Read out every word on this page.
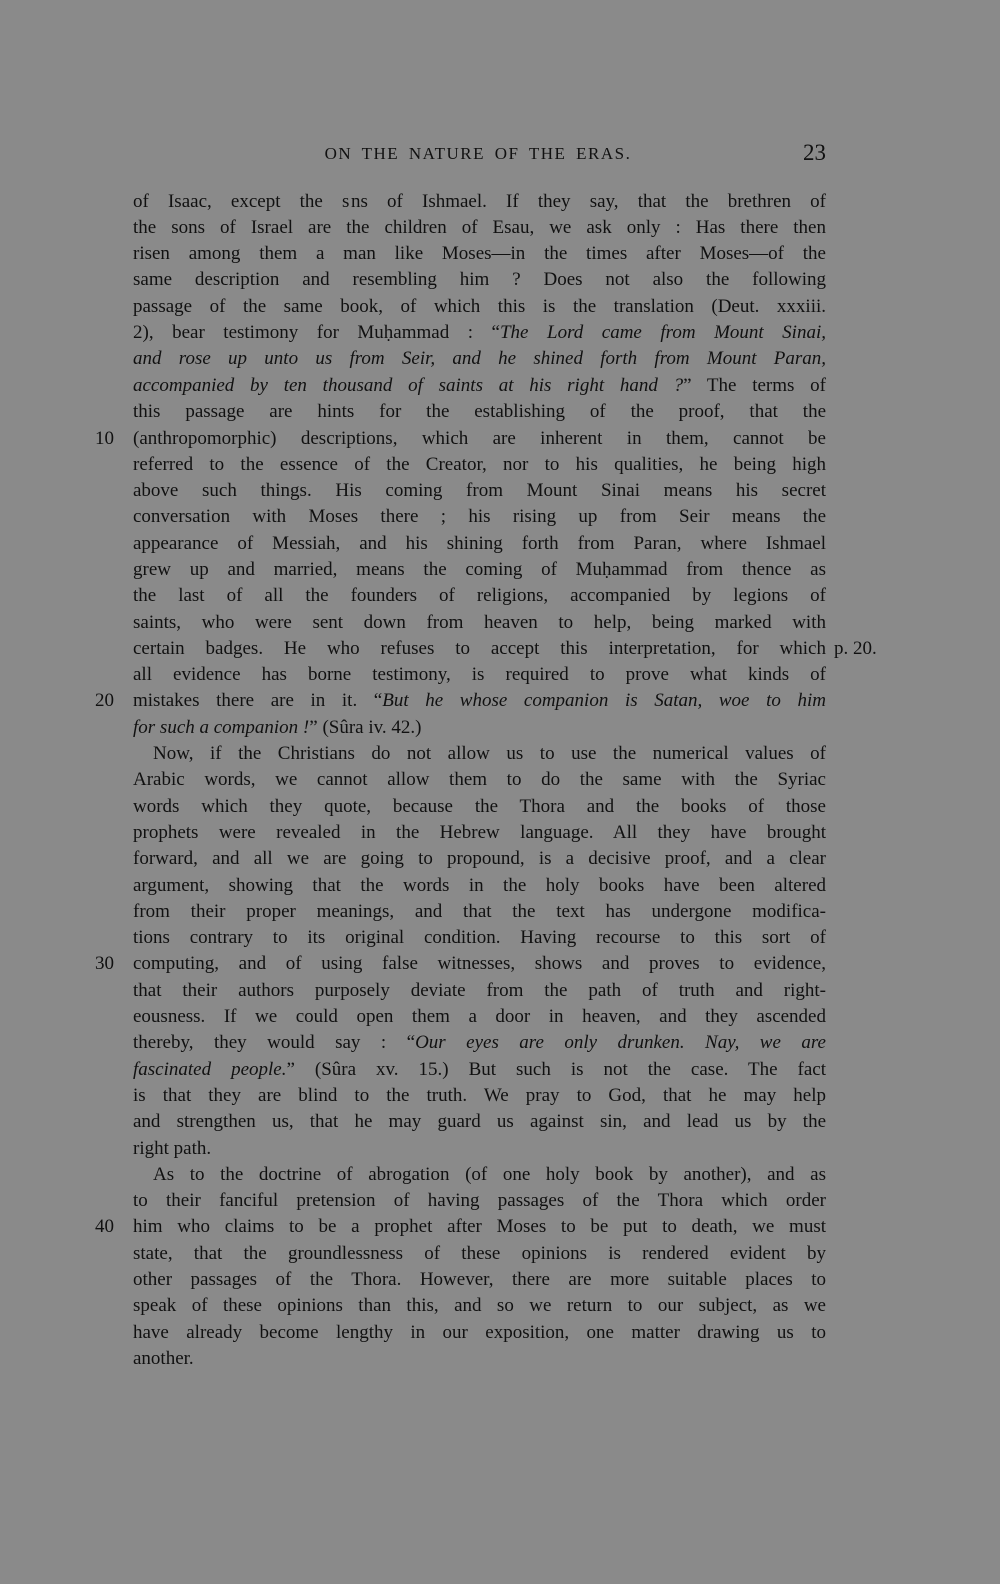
ON THE NATURE OF THE ERAS.	23
of Isaac, except the s ns of Ishmael. If they say, that the brethren of
the sons of Israel are the children of Esau, we ask only : Has there then
risen among them a man like Moses—in the times after Moses—of the
same description and resembling him ? Does not also the following
passage of the same book, of which this is the translation (Deut. xxxiii.
2), bear testimony for Muḥammad : “The Lord came from Mount Sinai,
and rose up unto us from Seir, and he shined forth from Mount Paran,
accompanied by ten thousand of saints at his right hand ?” The terms of
this passage are hints for the establishing of the proof, that the
(anthropomorphic) descriptions, which are inherent in them, cannot be
referred to the essence of the Creator, nor to his qualities, he being high
above such things. His coming from Mount Sinai means his secret
conversation with Moses there ; his rising up from Seir means the
appearance of Messiah, and his shining forth from Paran, where Ishmael
grew up and married, means the coming of Muḥammad from thence as
the last of all the founders of religions, accompanied by legions of
saints, who were sent down from heaven to help, being marked with
certain badges. He who refuses to accept this interpretation, for which
all evidence has borne testimony, is required to prove what kinds of
mistakes there are in it. “But he whose companion is Satan, woe to him
for such a companion !” (Sûra iv. 42.)
Now, if the Christians do not allow us to use the numerical values of
Arabic words, we cannot allow them to do the same with the Syriac
words which they quote, because the Thora and the books of those
prophets were revealed in the Hebrew language. All they have brought
forward, and all we are going to propound, is a decisive proof, and a clear
argument, showing that the words in the holy books have been altered
from their proper meanings, and that the text has undergone modifica-
tions contrary to its original condition. Having recourse to this sort of
computing, and of using false witnesses, shows and proves to evidence,
that their authors purposely deviate from the path of truth and right-
eousness. If we could open them a door in heaven, and they ascended
thereby, they would say : “Our eyes are only drunken. Nay, we are
fascinated people.” (Sûra xv. 15.) But such is not the case. The fact
is that they are blind to the truth. We pray to God, that he may help
and strengthen us, that he may guard us against sin, and lead us by the
right path.
As to the doctrine of abrogation (of one holy book by another), and as
to their fanciful pretension of having passages of the Thora which order
him who claims to be a prophet after Moses to be put to death, we must
state, that the groundlessness of these opinions is rendered evident by
other passages of the Thora. However, there are more suitable places to
speak of these opinions than this, and so we return to our subject, as we
have already become lengthy in our exposition, one matter drawing us to
another.
10
20
30
40
p. 20.
